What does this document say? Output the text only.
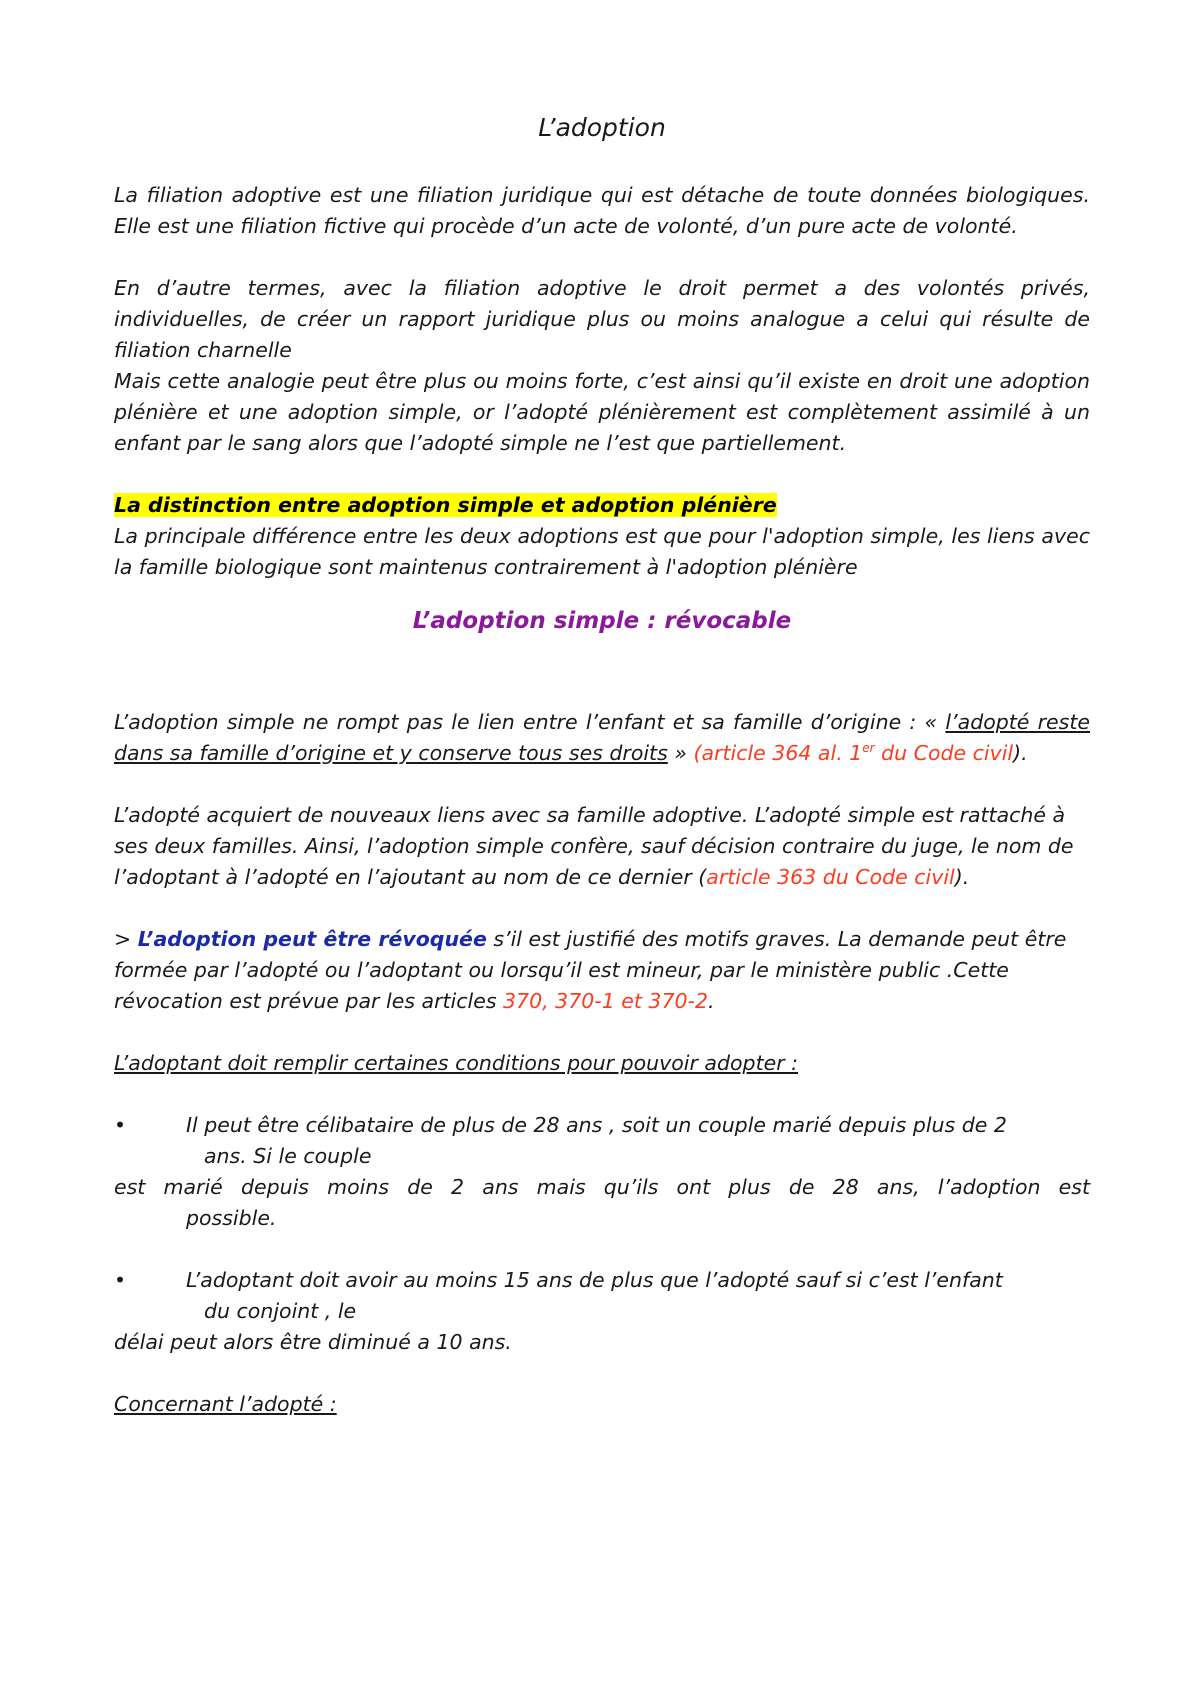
L’adoption

La filiation adoptive est une filiation juridique qui est détache de toute données biologiques. Elle est une filiation fictive qui procède d’un acte de volonté, d’un pure acte de volonté.

En d’autre termes, avec la filiation adoptive le droit permet a des volontés privés, individuelles, de créer un rapport juridique plus ou moins analogue a celui qui résulte de filiation charnelle

Mais cette analogie peut être plus ou moins forte, c’est ainsi qu’il existe en droit une adoption plénière et une adoption simple, or l’adopté plénièrement est complètement assimilé à un enfant par le sang alors que l’adopté simple ne l’est que partiellement.

La distinction entre adoption simple et adoption plénière

La principale différence entre les deux adoptions est que pour l'adoption simple, les liens avec la famille biologique sont maintenus contrairement à l'adoption plénière

L’adoption simple : révocable

L’adoption simple ne rompt pas le lien entre l’enfant et sa famille d’origine : « l’adopté reste dans sa famille d’origine et y conserve tous ses droits » (article 364 al. 1er du Code civil).

L’adopté acquiert de nouveaux liens avec sa famille adoptive. L’adopté simple est rattaché à ses deux familles. Ainsi, l’adoption simple confère, sauf décision contraire du juge, le nom de l’adoptant à l’adopté en l’ajoutant au nom de ce dernier (article 363 du Code civil).

> L’adoption peut être révoquée s’il est justifié des motifs graves. La demande peut être formée par l’adopté ou l’adoptant ou lorsqu’il est mineur, par le ministère public .Cette révocation est prévue par les articles 370, 370-1 et 370-2.

L’adoptant doit remplir certaines conditions pour pouvoir adopter :

•	Il peut être célibataire de plus de 28 ans , soit un couple marié depuis plus de 2
ans. Si le couple
est marié depuis moins de 2 ans mais qu’ils ont plus de 28 ans, l’adoption est
possible.
•	L’adoptant doit avoir au moins 15 ans de plus que l’adopté sauf si c’est l’enfant
du conjoint , le
délai peut alors être diminué a 10 ans.

Concernant l’adopté :
